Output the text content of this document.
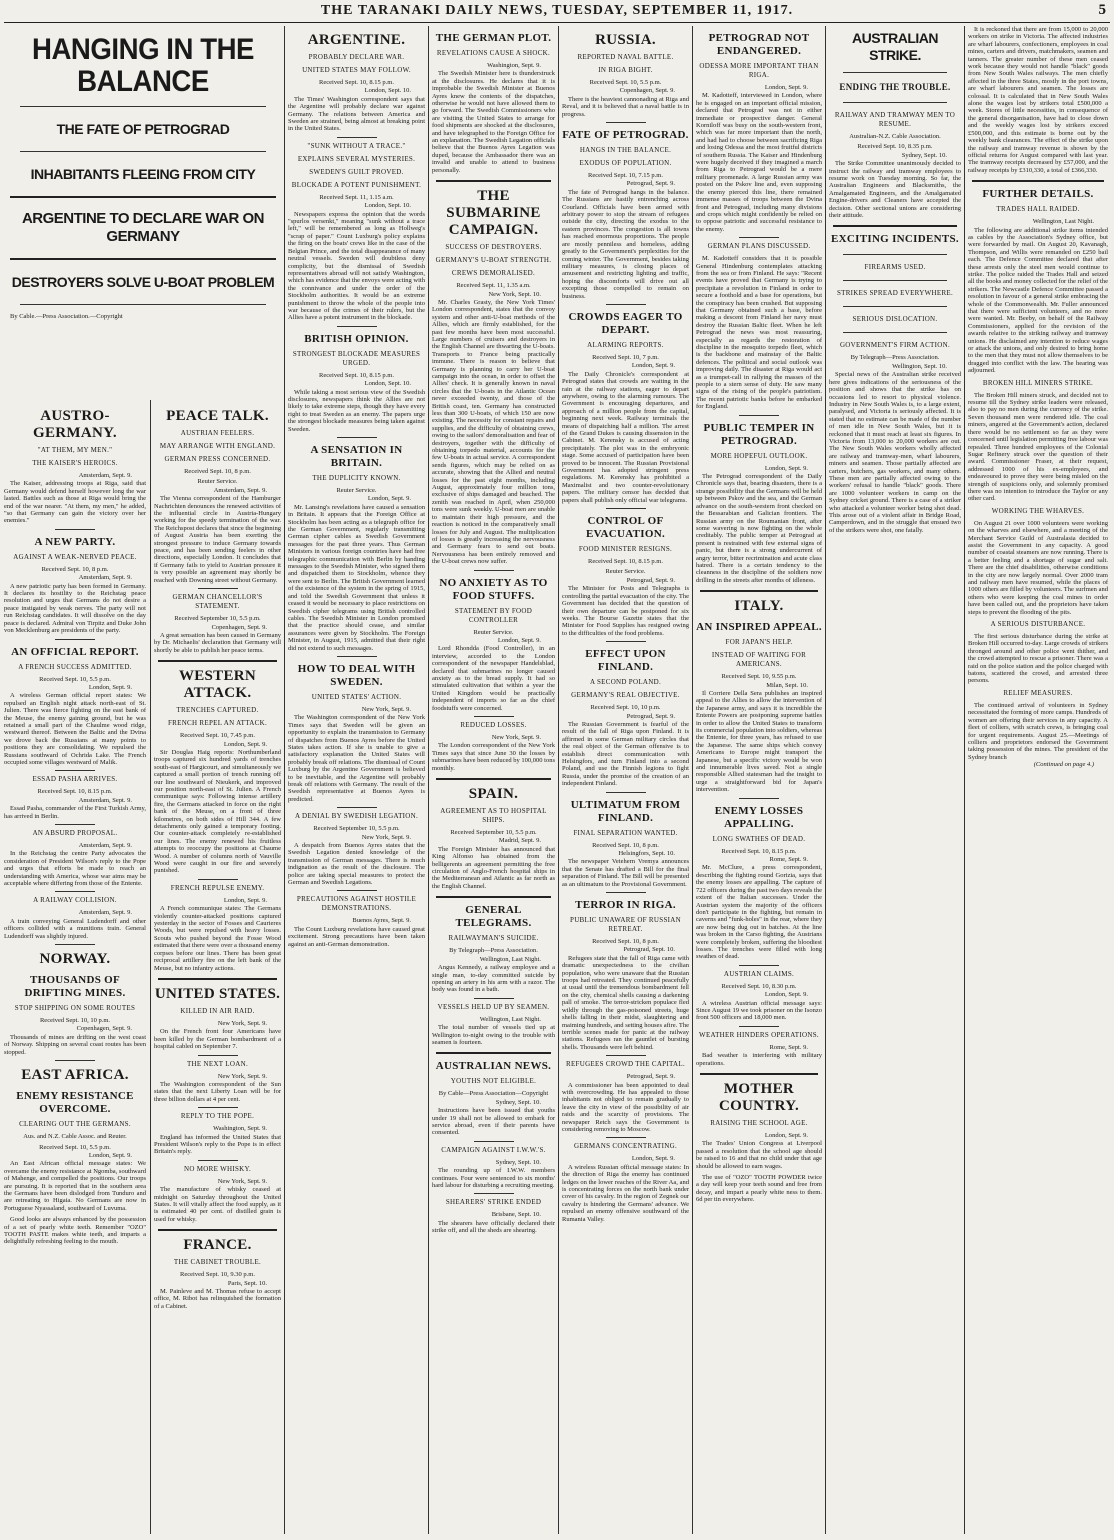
THE TARANAKI DAILY NEWS, TUESDAY, SEPTEMBER 11, 1917.	5
HANGING IN THE BALANCE
THE FATE OF PETROGRAD
INHABITANTS FLEEING FROM CITY
ARGENTINE TO DECLARE WAR ON GERMANY
DESTROYERS SOLVE U-BOAT PROBLEM
By Cable.—Press Association.—Copyright
AUSTRO-GERMANY.
"AT THEM, MY MEN."
THE KAISER'S HEROICS.
Amsterdam, Sept. 9.

The Kaiser, addressing troops at Riga, said that Germany would defend herself however long the war lasted. Battles such as those at Riga would bring the end of the war nearer. "At them, my men," he added, "so that Germany can gain the victory over her enemies."

A NEW PARTY.
AGAINST A WEAK-NERVED PEACE.
Received Sept. 10, 8 p.m.
Amsterdam, Sept. 9.

A new patriotic party has been formed in Germany. It declares its hostility to the Reichstag peace resolution and urges that Germans do not desire a peace instigated by weak nerves. The party will not run Reichstag candidates. It will dissolve on the day peace is declared. Admiral von Tirpitz and Duke John von Mecklenburg are presidents of the party.

AN OFFICIAL REPORT.
A FRENCH SUCCESS ADMITTED.
Received Sept. 10, 5.5 p.m.
London, Sept. 9.

A wireless German official report states: We repulsed an English night attack north-east of St. Julien. There was fierce fighting on the east bank of the Meuse, the enemy gaining ground, but he was retained a small part of the Chaulme wood ridge, westward thereof. Between the Baltic and the Dvina we drove back the Russians at many points to positions they are consolidating. We repulsed the Russians southward of Ochrida Lake. The French occupied some villages westward of Malik.

ESSAD PASHA ARRIVES.
Received Sept. 10, 8.15 p.m.
Amsterdam, Sept. 9.

Essad Pasha, commander of the First Turkish Army, has arrived in Berlin.

AN ABSURD PROPOSAL.
Amsterdam, Sept. 9.

In the Reichstag the centre Party advocates the consideration of President Wilson's reply to the Pope and urges that efforts be made to reach an understanding with America, whose war aims may be acceptable where differing from those of the Entente.

A RAILWAY COLLISION.
Amsterdam, Sept. 9.

A train conveying General Ludendorff and other officers collided with a munitions train. General Ludendorff was slightly injured.

NORWAY.
THOUSANDS OF DRIFTING MINES.
STOP SHIPPING ON SOME ROUTES
Received Sept. 10, 10 p.m.
Copenhagen, Sept. 9.

Thousands of mines are drifting on the west coast of Norway. Shipping on several coast routes has been stopped.

EAST AFRICA.
ENEMY RESISTANCE OVERCOME.
CLEARING OUT THE GERMANS.
Aus. and N.Z. Cable Assoc. and Reuter.
Received Sept. 10, 5.5 p.m.
London, Sept. 9.

An East African official message states: We overcame the enemy resistance at Ngomba, southward of Mahenge, and compelled the positions. Our troops are pursuing. It is reported that in the southern area the Germans have been dislodged from Tunduro and are retreating to Higaia. No Germans are now in Portuguese Nyassaland, southward of Luvuma.

Good looks are always enhanced by the possession of a set of pearly white teeth. Remember "OZO" TOOTH PASTE makes white teeth, and imparts a delightfully refreshing feeling to the mouth.

PEACE TALK.
AUSTRIAN FEELERS.
MAY ARRANGE WITH ENGLAND.
GERMAN PRESS CONCERNED.
Received Sept. 10, 8 p.m.
Reuter Service.
Amsterdam, Sept. 9.

The Vienna correspondent of the Hamburger Nachrichten denounces the renewed activities of the influential circle in Austria-Hungary working for the speedy termination of the war. The Reichspost declares that since the beginning of August Austria has been exerting the strongest pressure to induce Germany towards peace, and has been sending feelers in other directions, especially London. It concludes that if Germany fails to yield to Austrian pressure it is very possible an agreement may shortly be reached with Downing street without Germany.

GERMAN CHANCELLOR'S STATEMENT.
Received September 10, 5.5 p.m.
Copenhagen, Sept. 9.

A great sensation has been caused in Germany by Dr. Michaelis' declaration that Germany will shortly be able to publish her peace terms.

WESTERN ATTACK.
TRENCHES CAPTURED.
FRENCH REPEL AN ATTACK.
Received Sept. 10, 7.45 p.m.
London, Sept. 9.

Sir Douglas Haig reports: Northumberland troops captured six hundred yards of trenches south-east of Hargicourt, and simultaneously we captured a small portion of trench running off our line southward of Nieukerk, and improved our position north-east of St. Julien. A French communique says: Following intense artillery fire, the Germans attacked in force on the right bank of the Meuse, on a front of three kilometres, on both sides of Hill 344. A few detachments only gained a temporary footing. Our counter-attack completely re-established our lines. The enemy renewed his fruitless attempts to reoccupy the positions at Chaume Wood. A number of columns north of Vauville Wood were caught in our fire and severely punished.

FRENCH REPULSE ENEMY.
London, Sept. 9.

A French communique states: The Germans violently counter-attacked positions captured yesterday in the sector of Fosses and Caurieres Woods, but were repulsed with heavy losses. Scouts who pushed beyond the Fosse Wood estimated that there were over a thousand enemy corpses before our lines. There has been great reciprocal artillery fire on the left bank of the Meuse, but no infantry actions.

UNITED STATES.
KILLED IN AIR RAID.
New York, Sept. 9.

On the French front four Americans have been killed by the German bombardment of a hospital cabled on September 7.

THE NEXT LOAN.
New York, Sept. 9.

The Washington correspondent of the Sun states that the next Liberty Loan will be for three billion dollars at 4 per cent.

REPLY TO THE POPE.
Washington, Sept. 9.

England has informed the United States that President Wilson's reply to the Pope is in effect Britain's reply.

NO MORE WHISKY.
New York, Sept. 9.

The manufacture of whisky ceased at midnight on Saturday throughout the United States. It will vitally affect the food supply, as it is estimated 40 per cent. of distilled grain is used for whisky.

FRANCE.
THE CABINET TROUBLE.
Received Sept. 10, 9.30 p.m.
Paris, Sept. 10.

M. Painleve and M. Thomas refuse to accept office, M. Ribot has relinquished the formation of a Cabinet.

ARGENTINE.
PROBABLY DECLARE WAR.
UNITED STATES MAY FOLLOW.
Received Sept. 10, 8.15 p.m.
London, Sept. 10.

The Times' Washington correspondent says that the Argentine will probably declare war against Germany. The relations between America and Sweden are strained, being almost at breaking point in the United States.

"SUNK WITHOUT A TRACE."
EXPLAINS SEVERAL MYSTERIES.
SWEDEN'S GUILT PROVED.
BLOCKADE A POTENT PUNISHMENT.
Received Sept. 11, 1.15 a.m.
London, Sept. 10.

Newspapers express the opinion that the words "spurlos versenkt," meaning "sunk without a trace left," will be remembered as long as Hollweg's "scrap of paper." Count Luxburg's policy explains the firing on the boats' crews like in the case of the Belgian Prince, and the total disappearance of many neutral vessels. Sweden will doubtless deny complicity, but the dismissal of Swedish representatives abroad will not satisfy Washington, which has evidence that the envoys were acting with the connivance and under the order of the Stockholm authorities. It would be an extreme punishment to throw the whole of the people into war because of the crimes of their rulers, but the Allies have a potent instrument in the blockade.

BRITISH OPINION.
STRONGEST BLOCKADE MEASURES URGED.
Received Sept. 10, 8.15 p.m.
London, Sept. 10.

While taking a most serious view of the Swedish disclosures, newspapers think the Allies are not likely to take extreme steps, though they have every right to treat Sweden as an enemy. The papers urge the strongest blockade measures being taken against Sweden.

A SENSATION IN BRITAIN.
THE DUPLICITY KNOWN.
Reuter Service.
London, Sept. 9.

Mr. Lansing's revelations have caused a sensation in Britain. It appears that the Foreign Office at Stockholm has been acting as a telegraph office for the German Government, regularly transmitting German cipher cables as Swedish Government messages for the past three years. Thus German Ministers in various foreign countries have had free telegraphic communication with Berlin by handing messages to the Swedish Minister, who signed them and dispatched them to Stockholm, whence they were sent to Berlin. The British Government learned of the existence of the system in the spring of 1915, and told the Swedish Government that unless it ceased it would be necessary to place restrictions on Swedish cipher telegrams using British controlled cables. The Swedish Minister in London promised that the practice should cease, and similar assurances were given by Stockholm. The Foreign Minister, in August, 1915, admitted that their right did not extend to such messages.

HOW TO DEAL WITH SWEDEN.
UNITED STATES' ACTION.
New York, Sept. 9.

The Washington correspondent of the New York Times says that Sweden will be given an opportunity to explain the transmission to Germany of dispatches from Buenos Ayres before the United States takes action. If she is unable to give a satisfactory explanation the United States will probably break off relations. The dismissal of Count Luxburg by the Argentine Government is believed to be inevitable, and the Argentine will probably break off relations with Germany. The result of the Swedish representative at Buenos Ayres is predicted.

A DENIAL BY SWEDISH LEGATION.
Received September 10, 5.5 p.m.
New York, Sept. 9.

A despatch from Buenos Ayres states that the Swedish Legation denied knowledge of the transmission of German messages. There is much indignation as the result of the disclosure. The police are taking special measures to protect the German and Swedish Legations.

PRECAUTIONS AGAINST HOSTILE DEMONSTRATIONS.
Buenos Ayres, Sept. 9.

The Count Luxburg revelations have caused great excitement. Strong precautions have been taken against an anti-German demonstration.

THE GERMAN PLOT.
REVELATIONS CAUSE A SHOCK.
Washington, Sept. 9.

The Swedish Minister here is thunderstruck at the disclosures. He declares that it is improbable the Swedish Minister at Buenos Ayres knew the contents of the dispatches, otherwise he would not have allowed them to go forward. The Swedish Commissioners who are visiting the United States to arrange for food shipments are shocked at the disclosures, and have telegraphed to the Foreign Office for an explanation. The Swedish Legation officials believe that the Buenos Ayres Legation was duped, because the Ambassador there was an invalid and unable to attend to business personally.

THE SUBMARINE CAMPAIGN.
SUCCESS OF DESTROYERS.
GERMANY'S U-BOAT STRENGTH.
CREWS DEMORALISED.
Received Sept. 11, 1.35 a.m.
New York, Sept. 10.

Mr. Charles Grasty, the New York Times' London correspondent, states that the convoy system and other anti-U-boat methods of the Allies, which are firmly established, for the past few months have been most successful. Large numbers of cruisers and destroyers in the English Channel are thwarting the U-boats. Transports to France being practically immune. There is reason to believe that Germany is planning to carry her U-boat campaign into the ocean, in order to offset the Allies' check. It is generally known in naval circles that the U-boats in the Atlantic Ocean never exceeded twenty, and those of the British coast, ten. Germany has constructed less than 300 U-boats, of which 150 are now existing. The necessity for constant repairs and supplies, and the difficulty of obtaining crews, owing to the sailors' demoralisation and fear of destroyers, together with the difficulty of obtaining torpedo material, accounts for the few U-boats in actual service. A correspondent sends figures, which may be relied on as accurate, showing that the Allied and neutral losses for the past eight months, including August, approximately four million tons, exclusive of ships damaged and beached. The zenith was reached in April, when 250,000 tons were sunk weekly. U-boat men are unable to maintain their high pressure, and the reaction is noticed in the comparatively small losses for July and August. The multiplication of losses is greatly increasing the nervousness and Germany fears to send out boats. Nervousness has been entirely removed and the U-boat crews now suffer.

NO ANXIETY AS TO FOOD STUFFS.
STATEMENT BY FOOD CONTROLLER
Reuter Service.
London, Sept. 9.

Lord Rhondda (Food Controller), in an interview, accorded to the London correspondent of the newspaper Handelsblad, declared that submarines no longer caused anxiety as to the bread supply. It had so stimulated cultivation that within a year the United Kingdom would be practically independent of imports so far as the chief foodstuffs were concerned.

REDUCED LOSSES.
New York, Sept. 9.

The London correspondent of the New York Times says that since June 30 the losses by submarines have been reduced by 100,000 tons monthly.

SPAIN.
AGREEMENT AS TO HOSPITAL SHIPS.
Received September 10, 5.5 p.m.
Madrid, Sept. 9.

The Foreign Minister has announced that King Alfonso has obtained from the belligerents an agreement permitting the free circulation of Anglo-French hospital ships in the Mediterranean and Atlantic as far north as the English Channel.

GENERAL TELEGRAMS.
RAILWAYMAN'S SUICIDE.
By Telegraph—Press Association.
Wellington, Last Night.

Angus Kennedy, a railway employee and a single man, to-day committed suicide by opening an artery in his arm with a razor. The body was found in a bath.

VESSELS HELD UP BY SEAMEN.
Wellington, Last Night.

The total number of vessels tied up at Wellington to-night owing to the trouble with seamen is fourteen.

AUSTRALIAN NEWS.
YOUTHS NOT ELIGIBLE.
By Cable—Press Association—Copyright
Sydney, Sept. 10.

Instructions have been issued that youths under 19 shall not be allowed to embark for service abroad, even if their parents have consented.

CAMPAIGN AGAINST I.W.W.'S.
Sydney, Sept. 10.

The rounding up of I.W.W. members continues. Four were sentenced to six months' hard labour for disturbing a recruiting meeting.

SHEARERS' STRIKE ENDED
Brisbane, Sept. 10.

The shearers have officially declared their strike off, and all the sheds are shearing.

RUSSIA.
REPORTED NAVAL BATTLE.
IN RIGA BIGHT.
Received Sept. 10, 5.5 p.m.
Copenhagen, Sept. 9.

There is the heaviest cannonading at Riga and Reval, and it is believed that a naval battle is in progress.

FATE OF PETROGRAD.
HANGS IN THE BALANCE.
EXODUS OF POPULATION.
Received Sept. 10, 7.15 p.m.
Petrograd, Sept. 9.

The fate of Petrograd hangs in the balance. The Russians are hastily entrenching across Courland. Officials have been armed with arbitrary power to stop the stream of refugees outside the city, directing the exodus to the eastern provinces. The congestion is all towns has reached enormous proportions. The people are mostly penniless and homeless, adding greatly to the Government's perplexities for the coming winter. The Government, besides taking military measures, is closing places of amusement and restricting lighting and traffic, hoping the discomforts will drive out all excepting those compelled to remain on business.

CROWDS EAGER TO DEPART.
ALARMING REPORTS.
Received Sept. 10, 7 p.m.
London, Sept. 9.

The Daily Chronicle's correspondent at Petrograd states that crowds are waiting in the rain at the railway stations, eager to depart anywhere, owing to the alarming rumours. The Government is encouraging departures, and approach of a million people from the capital, beginning next week. Railway terminals the means of dispatching half a million. The arrest of the Grand Dukes is causing dissension in the Cabinet. M. Kerensky is accused of acting precipitately. The plot was in the embryonic stage. Some accused of participation have been proved to be innocent. The Russian Provisional Government has adopted stringent press regulations. M. Kerensky has prohibited a Maximalist and two counter-revolutionary papers. The military censor has decided that papers shall publish only official war telegrams.

CONTROL OF EVACUATION.
FOOD MINISTER RESIGNS.
Received Sept. 10, 8.15 p.m.
Reuter Service.
Petrograd, Sept. 9.

The Minister for Posts and Telegraphs is controlling the partial evacuation of the city. The Government has decided that the question of their own departure can be postponed for six weeks. The Bourse Gazette states that the Minister for Food Supplies has resigned owing to the difficulties of the food problems.

EFFECT UPON FINLAND.
A SECOND POLAND.
GERMANY'S REAL OBJECTIVE.
Received Sept. 10, 10 p.m.
Petrograd, Sept. 9.

The Russian Government is fearful of the result of the fall of Riga upon Finland. It is affirmed in some German military circles that the real object of the German offensive is to establish direct communication with Helsingfors, and turn Finland into a second Poland, and use the Finnish legions to fight Russia, under the promise of the creation of an independent Finland.

ULTIMATUM FROM FINLAND.
FINAL SEPARATION WANTED.
Received Sept. 10, 8 p.m.
Helsingfors, Sept. 10.

The newspaper Vetehern Vremya announces that the Senate has drafted a Bill for the final separation of Finland. The Bill will be presented as an ultimatum to the Provisional Government.

TERROR IN RIGA.
PUBLIC UNAWARE OF RUSSIAN RETREAT.
Received Sept. 10, 8 p.m.
Petrograd, Sept. 10.

Refugees state that the fall of Riga came with dramatic unexpectedness to the civilian population, who were unaware that the Russian troops had retreated. They continued peacefully at usual until the tremendous bombardment fell on the city, chemical shells causing a darkening pall of smoke. The terror-stricken populace fled wildly through the gas-poisoned streets, huge shells falling in their midst, slaughtering and maiming hundreds, and setting houses afire. The terrible scenes made for panic at the railway stations. Refugees ran the gauntlet of bursting shells. Thousands were left behind.

REFUGEES CROWD THE CAPITAL.
Petrograd, Sept. 9.

A commissioner has been appointed to deal with overcrowding. He has appealed to those inhabitants not obliged to remain gradually to leave the city in view of the possibility of air raids and the scarcity of provisions. The newspaper Retch says the Government is considering removing to Moscow.

GERMANS CONCENTRATING.
London, Sept. 9.

A wireless Russian official message states: In the direction of Riga the enemy has continued ledges on the lower reaches of the River Aa, and is concentrating forces on the north bank under cover of his cavalry. In the region of Zegnek our cavalry is hindering the Germans' advance. We repulsed an enemy offensive southward of the Rumania Valley.

PETROGRAD NOT ENDANGERED.
ODESSA MORE IMPORTANT THAN RIGA.
London, Sept. 9.

M. Kadotteff, interviewed in London, where he is engaged on an important official mission, declared that Petrograd was not in either immediate or prospective danger. General Korniloff was busy on the south-western front, which was far more important than the north, and had had to choose between sacrificing Riga and losing Odessa and the most fruitful districts of southern Russia. The Kaiser and Hindenburg were hugely deceived if they imagined a march from Riga to Petrograd would be a mere military promenade. A large Russian army was posted on the Pskov line and, even supposing the enemy pierced this line, there remained immense masses of troops between the Dvina front and Petrograd, including many divisions and crops which might confidently be relied on to oppose patriotic and successful resistance to the enemy.

GERMAN PLANS DISCUSSED.

M. Kadotteff considers that it is possible General Hindenburg contemplates attacking from the sea or from Finland. He says: "Recent events have proved that Germany is trying to precipitate a revolution in Finland in order to secure a foothold and a base for operations, but the conspiracy has been crushed. But supposing that Germany obtained such a base, before making a descent from Finland her navy must destroy the Russian Baltic fleet. When he left Petrograd the news was most reassuring, especially as regards the restoration of discipline in the mosquito torpedo fleet, which is the backbone and mainstay of the Baltic defences. The political and social outlook was improving daily. The disaster at Riga would act as a trumpet-call in rallying the masses of the people to a stern sense of duty. He saw many signs of the rising of the people's patriotism. The recent patriotic banks before he embarked for England.

PUBLIC TEMPER IN PETROGRAD.
MORE HOPEFUL OUTLOOK.
London, Sept. 9.

The Petrograd correspondent of the Daily Chronicle says that, bearing disasters, there is a strange possibility that the Germans will be held up between Pskov and the sea, and the German advance on the south-western front checked on the Bessarabian and Galician frontiers. The Russian army on the Roumanian front, after some wavering is now fighting on the whole creditably. The public temper at Petrograd at present is restrained with few external signs of panic, but there is a strong undercurrent of angry terror, bitter recrimination and acute class hatred. There is a certain tendency to the cleanness in the discipline of the soldiers now drilling in the streets after months of idleness.

ITALY.
AN INSPIRED APPEAL.
FOR JAPAN'S HELP.
INSTEAD OF WAITING FOR AMERICANS.
Received Sept. 10, 9.55 p.m.
Milan, Sept. 10.

Il Corriere Della Sera publishes an inspired appeal to the Allies to allow the intervention of the Japanese army, and says it is incredible the Entente Powers are postponing supreme battles in order to allow the United States to transform its commercial population into soldiers, whereas the Entente, for three years, has refused to use the Japanese. The same ships which convey Americans to Europe might transport the Japanese, but a specific victory would be won and innumerable lives saved. Not a single responsible Allied statesman had the insight to urge a straightforward bid for Japan's intervention.

ENEMY LOSSES APPALLING.
LONG SWATHES OF DEAD.
Received Sept. 10, 8.15 p.m.
Rome, Sept. 9.

Mr. McClure, a press correspondent, describing the fighting round Gorizia, says that the enemy losses are appalling. The capture of 722 officers during the past two days reveals the extent of the Italian successes. Under the Austrian system the majority of the officers don't participate in the fighting, but remain in caverns and "funk-holes" in the rear, where they are now being dug out in batches. At the line was broken in the Carso fighting, the Austrians were completely broken, suffering the bloodiest losses. The trenches were filled with long swathes of dead.

AUSTRIAN CLAIMS.
Received Sept. 10, 8.30 p.m.
London, Sept. 9.

A wireless Austrian official message says: Since August 19 we took prisoner on the Isonzo front 500 officers and 18,000 men.

WEATHER HINDERS OPERATIONS.
Rome, Sept. 9.

Bad weather is interfering with military operations.

MOTHER COUNTRY.
RAISING THE SCHOOL AGE.
London, Sept. 9.

The Trades' Union Congress at Liverpool passed a resolution that the school age should be raised to 16 and that no child under that age should be allowed to earn wages.

The use of "OZO" TOOTH POWDER twice a day will keep your teeth sound and free from decay, and impart a pearly white ness to them. 6d per tin everywhere.

AUSTRALIAN STRIKE.
ENDING THE TROUBLE.
RAILWAY AND TRAMWAY MEN TO RESUME.
Australian-N.Z. Cable Association.
Received Sept. 10, 8.35 p.m.
Sydney, Sept. 10.

The Strike Committee unanimously decided to instruct the railway and tramway employees to resume work on Tuesday morning. So far, the Australian Engineers and Blacksmiths, the Amalgamated Engineers, and the Amalgamated Engine-drivers and Cleaners have accepted the decision. Other sectional unions are considering their attitude.

EXCITING INCIDENTS.
FIREARMS USED.
STRIKES SPREAD EVERYWHERE.
SERIOUS DISLOCATION.
GOVERNMENT'S FIRM ACTION.
By Telegraph—Press Association.
Wellington, Sept. 10.

Special news of the Australian strike received here gives indications of the seriousness of the position and shows that the strike has on occasions led to resort to physical violence. Industry in New South Wales is, to a large extent, paralysed, and Victoria is seriously affected. It is stated that no estimate can be made of the number of men idle in New South Wales, but it is reckoned that it must reach at least six figures. In Victoria from 13,000 to 20,000 workers are out. The New South Wales workers wholly affected are railway and tramway-men, wharf labourers, miners and seamen. Those partially affected are carters, butchers, gas workers, and many others. These men are partially affected owing to the workers' refusal to handle "black" goods. There are 1000 volunteer workers in camp on the Sydney cricket ground. There is a case of a striker who attacked a volunteer worker being shot dead. This arose out of a violent affair in Bridge Road, Camperdown, and in the struggle that ensued two of the strikers were shot, one fatally.

It is reckoned that there are from 15,000 to 20,000 workers on strike in Victoria. The affected industries are wharf labourers, confectioners, employees in coal mines, carters and drivers, matchmakers, seamen and tanners. The greater number of these men ceased work because they would not handle "black" goods from New South Wales railways. The men chiefly affected in the three States, mostly in the port towns, are wharf labourers and seamen. The losses are colossal. It is calculated that in New South Wales alone the wages lost by strikers total £500,000 a week. Stores of little necessities, in consequence of the general disorganisation, have had to close down and the weekly wages lost by strikers exceed £500,000, and this estimate is borne out by the weekly bank clearances. The effect of the strike upon the railway and tramway revenue is shown by the official returns for August compared with last year. The tramway receipts decreased by £57,000, and the railway receipts by £310,330, a total of £366,330.

FURTHER DETAILS.
TRADES HALL RAIDED.
Wellington, Last Night.

The following are additional strike items intended as cables by the Association's Sydney office, but were forwarded by mail. On August 20, Kavanagh, Thompson, and Willis were remanded on £250 bail each. The Defence Committee declared that after these arrests only the steel men would continue to strike. The police raided the Trades Hall and seized all the books and money collected for the relief of the strikers. The Newcastle Defence Committee passed a resolution in favour of a general strike embracing the whole of the Commonwealth. Mr. Fuller announced that there were sufficient volunteers, and no more were wanted. Mr. Beeby, on behalf of the Railway Commissioners, applied for the revision of the awards relative to the striking railway and tramway unions. He disclaimed any intention to reduce wages or attack the unions, and only desired to bring home to the men that they must not allow themselves to be dragged into conflict with the law. The hearing was adjourned.

BROKEN HILL MINERS STRIKE.

The Broken Hill miners struck, and decided not to resume till the Sydney strike leaders were released, also to pay no men during the currency of the strike. Seven thousand men were rendered idle. The coal miners, angered at the Government's action, declared there would be no settlement so far as they were concerned until legislation permitting free labour was repealed. Three hundred employees of the Colonial Sugar Refinery struck over the question of their award. Commissioner Fraser, at their request, addressed 1000 of his ex-employees, and endeavoured to prove they were being misled on the strength of suspicions only, and solemnly promised there was no intention to introduce the Taylor or any other card.

WORKING THE WHARVES.

On August 21 over 1000 volunteers were working on the wharves and elsewhere, and a meeting of the Merchant Service Guild of Australasia decided to assist the Government in any capacity. A good number of coastal steamers are now running. There is a better feeling and a shortage of sugar and salt. There are the chief disabilities, otherwise conditions in the city are now largely normal. Over 2000 tram and railway men have resumed, while the places of 1000 others are filled by volunteers. The surfmen and others who were keeping the coal mines in order have been called out, and the proprietors have taken steps to prevent the flooding of the pits.

A SERIOUS DISTURBANCE.

The first serious disturbance during the strike at Broken Hill occurred to-day. Large crowds of strikers thronged around and other police went thither, and the crowd attempted to rescue a prisoner. There was a raid on the police station and the police charged with batons, scattered the crowd, and arrested three persons.

RELIEF MEASURES.

The continued arrival of volunteers in Sydney necessitated the forming of more camps. Hundreds of women are offering their services in any capacity. A fleet of colliers, with scratch crews, is bringing coal for urgent requirements. August 25.—Meetings of colliers and proprietors endorsed the Government taking possession of the mines. The president of the Sydney branch

(Continued on page 4.)
